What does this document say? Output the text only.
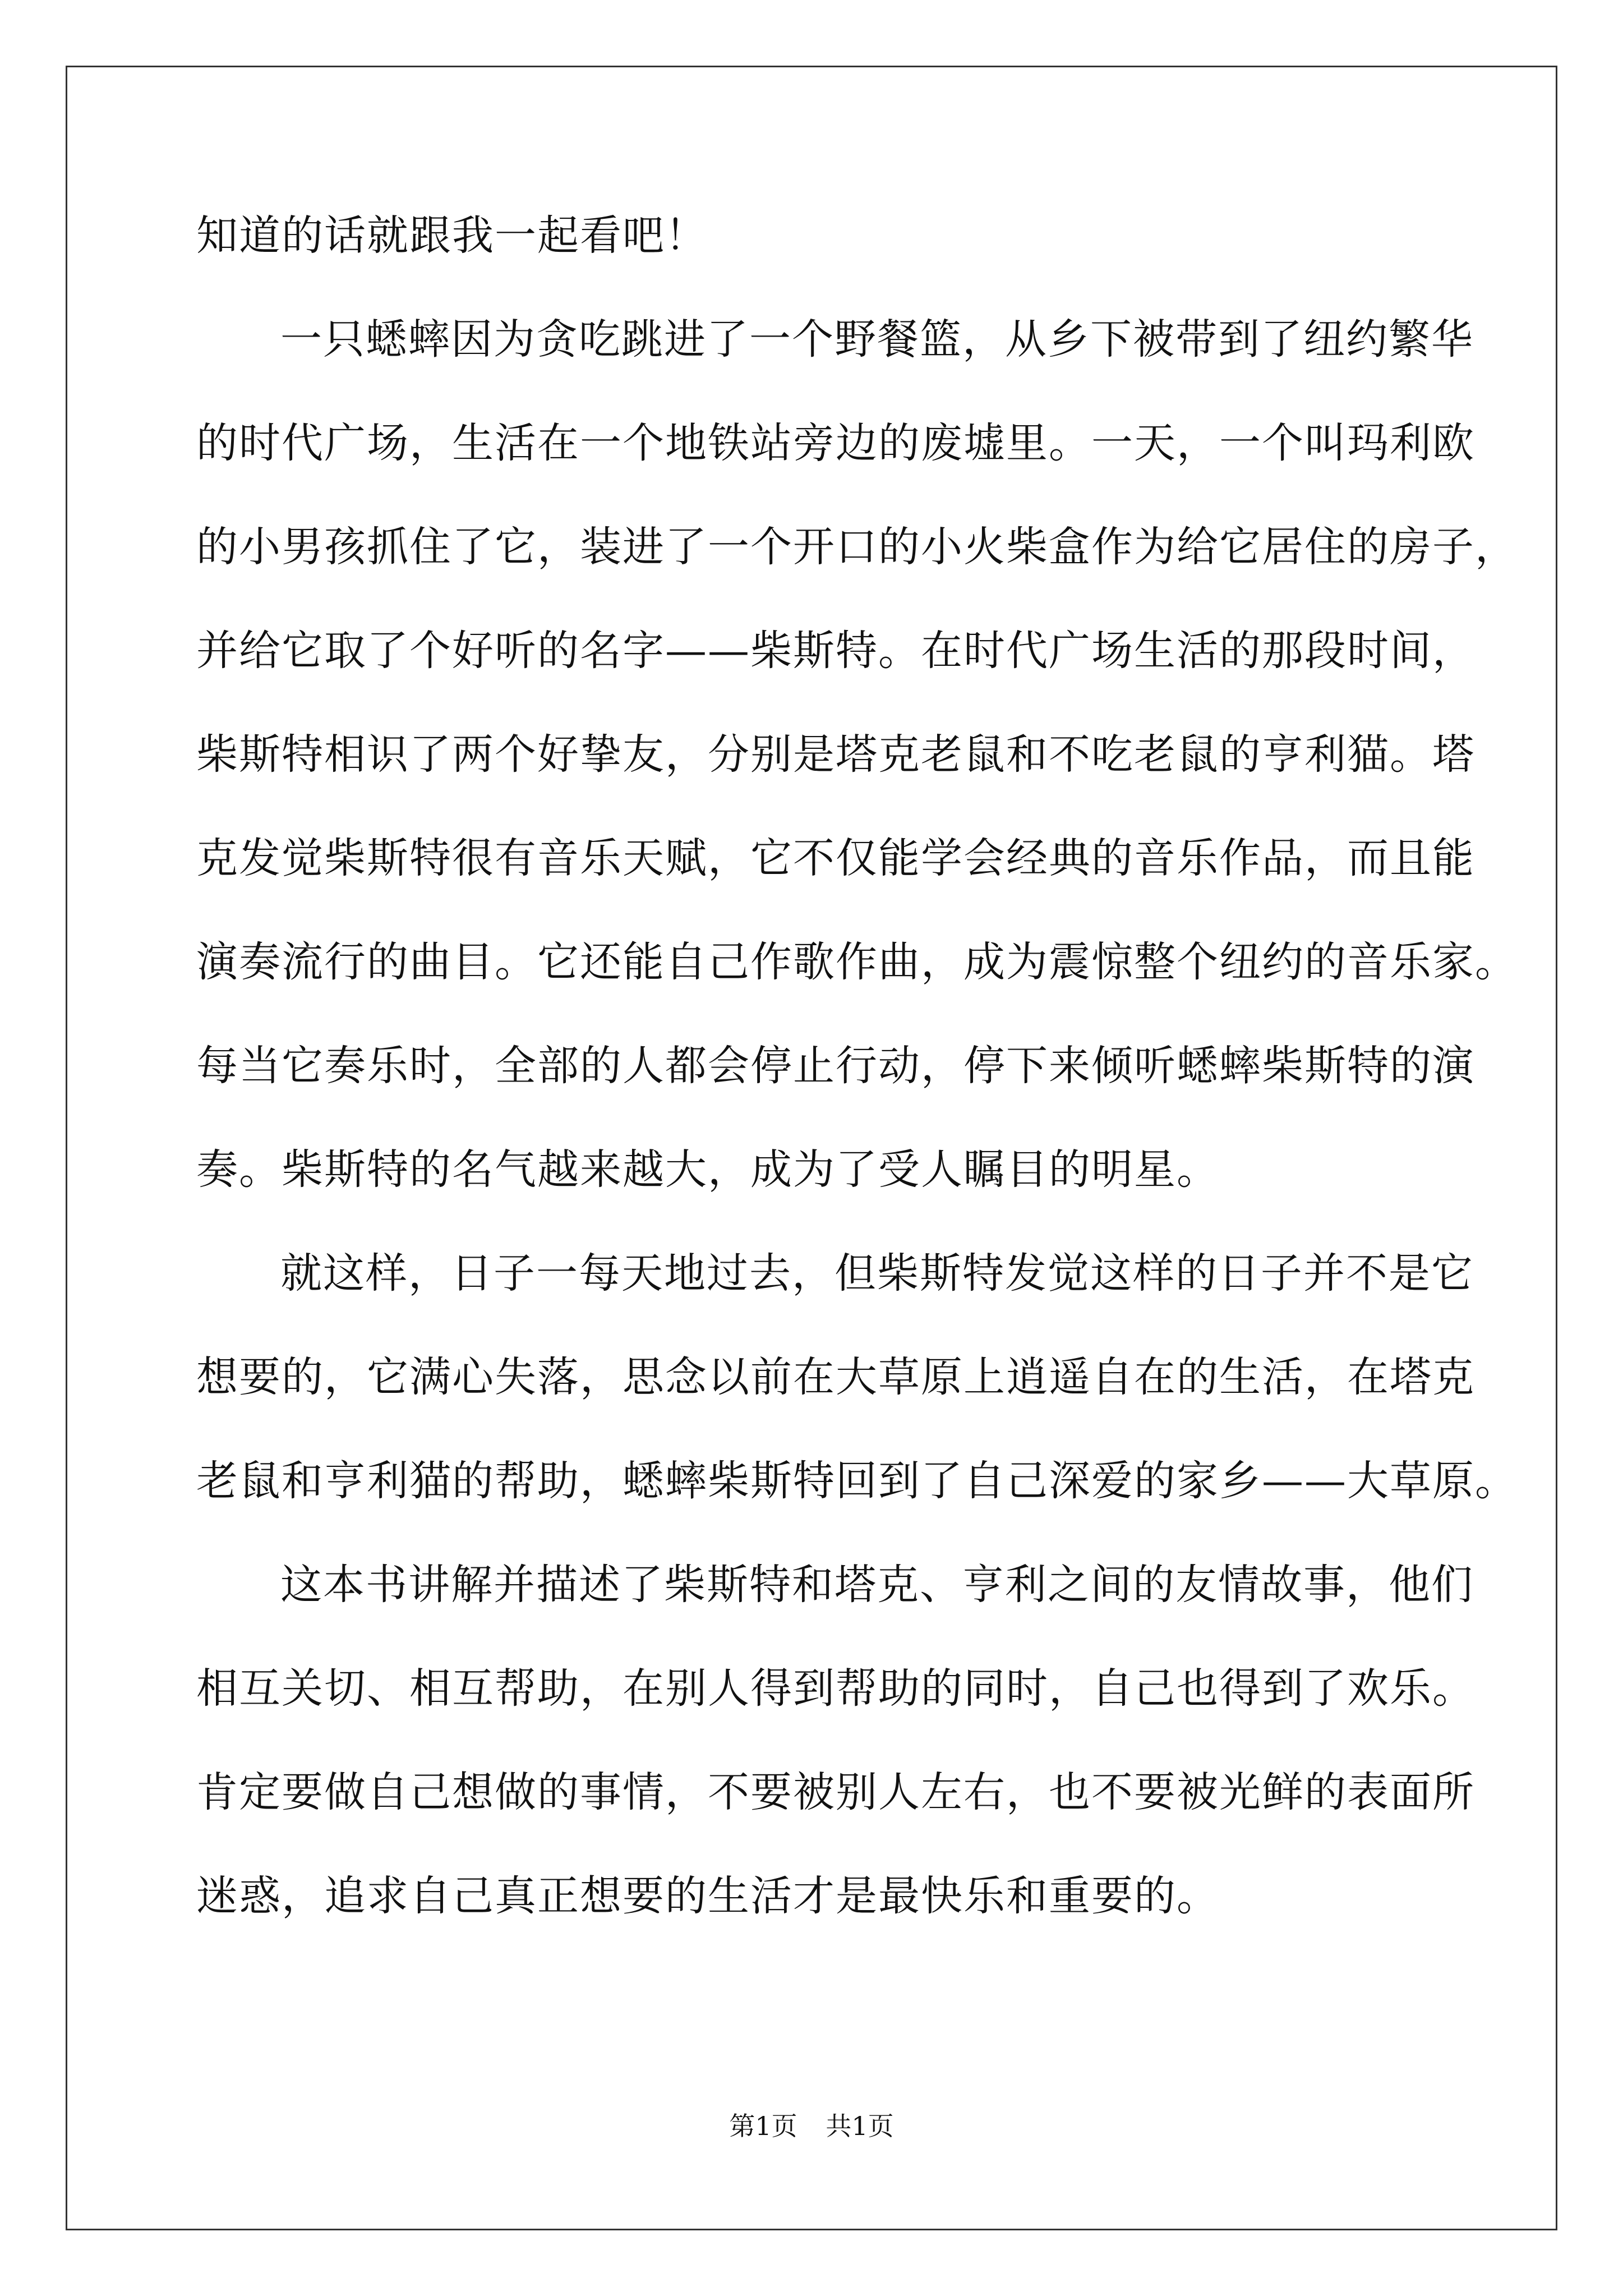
知道的话就跟我一起看吧！
一只蟋蟀因为贪吃跳进了一个野餐篮，从乡下被带到了纽约繁华
的时代广场，生活在一个地铁站旁边的废墟里。一天，一个叫玛利欧
的小男孩抓住了它，装进了一个开口的小火柴盒作为给它居住的房子，
并给它取了个好听的名字——柴斯特。在时代广场生活的那段时间，
柴斯特相识了两个好挚友，分别是塔克老鼠和不吃老鼠的亨利猫。塔
克发觉柴斯特很有音乐天赋，它不仅能学会经典的音乐作品，而且能
演奏流行的曲目。它还能自己作歌作曲，成为震惊整个纽约的音乐家。
每当它奏乐时，全部的人都会停止行动，停下来倾听蟋蟀柴斯特的演
奏。柴斯特的名气越来越大，成为了受人瞩目的明星。
就这样，日子一每天地过去，但柴斯特发觉这样的日子并不是它
想要的，它满心失落，思念以前在大草原上逍遥自在的生活，在塔克
老鼠和亨利猫的帮助，蟋蟀柴斯特回到了自己深爱的家乡——大草原。
这本书讲解并描述了柴斯特和塔克、亨利之间的友情故事，他们
相互关切、相互帮助，在别人得到帮助的同时，自己也得到了欢乐。
肯定要做自己想做的事情，不要被别人左右，也不要被光鲜的表面所
迷惑，追求自己真正想要的生活才是最快乐和重要的。
第1页 共1页
